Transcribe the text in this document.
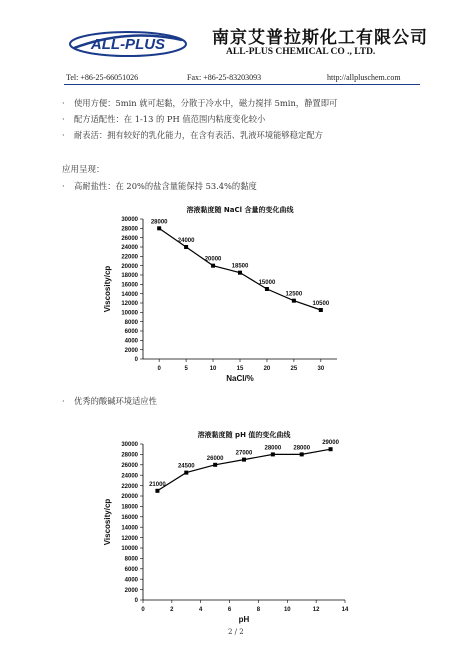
ALL-PLUS	南京艾普拉斯化工有限公司
ALL-PLUS CHEMICAL CO ., LTD.
Tel: +86-25-66051026	Fax: +86-25-83203093	http://allpluschem.com
· 使用方便：5min 就可起黏，分散于冷水中，磁力搅拌 5min，静置即可
· 配方适配性：在 1-13 的 PH 值范围内粘度变化较小
· 耐表活：拥有较好的乳化能力，在含有表活、乳液环境能够稳定配方
应用呈现：
· 高耐盐性：在 20%的盐含量能保持 53.4%的黏度
· 优秀的酸碱环境适应性
溶液黏度随 NaCl 含量的变化曲线
0
2000
4000
6000
8000
10000
12000
14000
16000
18000
20000
22000
24000
26000
28000
30000
0	5	10	15	20	25	30
NaCl/%
Viscosity/cp
28000
24000
20000
18500
15000
12500
10500
溶液黏度随 pH 值的变化曲线
0
2000
4000
6000
8000
10000
12000
14000
16000
18000
20000
22000
24000
26000
28000
30000
0	2	4	6	8	10	12	14
pH
Viscosity/cp
21000
24500
26000
27000
28000 28000
29000
2 / 2
